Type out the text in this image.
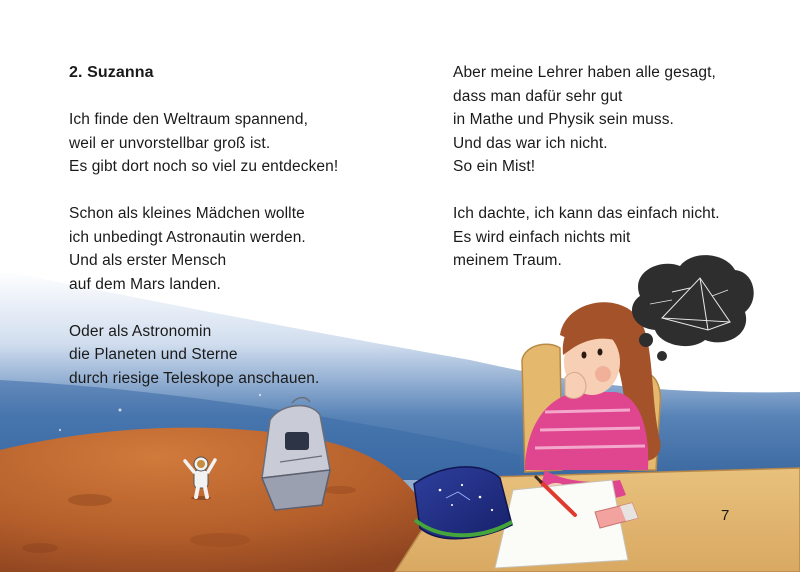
2. Suzanna
Ich finde den Weltraum spannend,
weil er unvorstellbar groß ist.
Es gibt dort noch so viel zu entdecken!
Schon als kleines Mädchen wollte
ich unbedingt Astronautin werden.
Und als erster Mensch
auf dem Mars landen.
Oder als Astronomin
die Planeten und Sterne
durch riesige Teleskope anschauen.
Aber meine Lehrer haben alle gesagt,
dass man dafür sehr gut
in Mathe und Physik sein muss.
Und das war ich nicht.
So ein Mist!
Ich dachte, ich kann das einfach nicht.
Es wird einfach nichts mit
meinem Traum.
7
